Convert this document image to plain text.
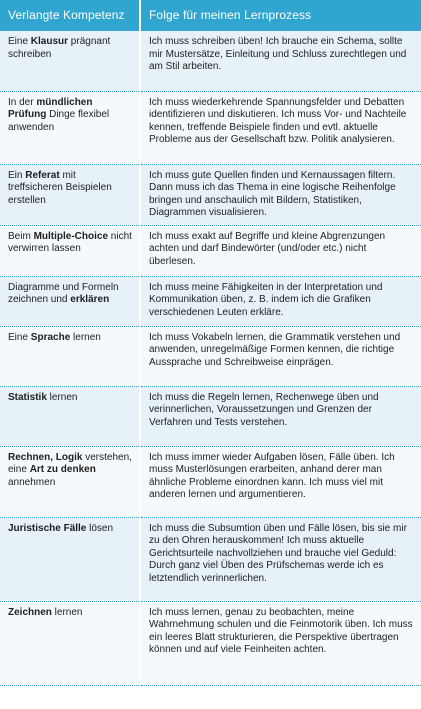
Verlangte Kompetenz	Folge für meinen Lernprozess
Eine Klausur prägnant schreiben	Ich muss schreiben üben! Ich brauche ein Schema, sollte mir Mustersätze, Einleitung und Schluss zurechtlegen und am Stil arbeiten.
In der mündlichen Prüfung Dinge flexibel anwenden	Ich muss wiederkehrende Spannungsfelder und Debatten identifizieren und diskutieren. Ich muss Vor- und Nachteile kennen, treffende Beispiele finden und evtl. aktuelle Probleme aus der Gesellschaft bzw. Politik analysieren.
Ein Referat mit treffsicheren Beispielen erstellen	Ich muss gute Quellen finden und Kernaussagen filtern. Dann muss ich das Thema in eine logische Reihenfolge bringen und anschaulich mit Bildern, Statistiken, Diagrammen visualisieren.
Beim Multiple-Choice nicht verwirren lassen	Ich muss exakt auf Begriffe und kleine Abgrenzungen achten und darf Bindewörter (und/oder etc.) nicht überlesen.
Diagramme und Formeln zeichnen und erklären	Ich muss meine Fähigkeiten in der Interpretation und Kommunikation üben, z. B. indem ich die Grafiken verschiedenen Leuten erkläre.
Eine Sprache lernen	Ich muss Vokabeln lernen, die Grammatik verstehen und anwenden, unregelmäßige Formen kennen, die richtige Aussprache und Schreibweise einprägen.
Statistik lernen	Ich muss die Regeln lernen, Rechenwege üben und verinnerlichen, Voraussetzungen und Grenzen der Verfahren und Tests verstehen.
Rechnen, Logik verstehen, eine Art zu denken annehmen	Ich muss immer wieder Aufgaben lösen, Fälle üben. Ich muss Musterlösungen erarbeiten, anhand derer man ähnliche Probleme einordnen kann. Ich muss viel mit anderen lernen und argumentieren.
Juristische Fälle lösen	Ich muss die Subsumtion üben und Fälle lösen, bis sie mir zu den Ohren herauskommen! Ich muss aktuelle Gerichtsurteile nachvollziehen und brauche viel Geduld: Durch ganz viel Üben des Prüfschemas werde ich es letztendlich verinnerlichen.
Zeichnen lernen	Ich muss lernen, genau zu beobachten, meine Wahrnehmung schulen und die Feinmotorik üben. Ich muss ein leeres Blatt strukturieren, die Perspektive übertragen können und auf viele Feinheiten achten.
